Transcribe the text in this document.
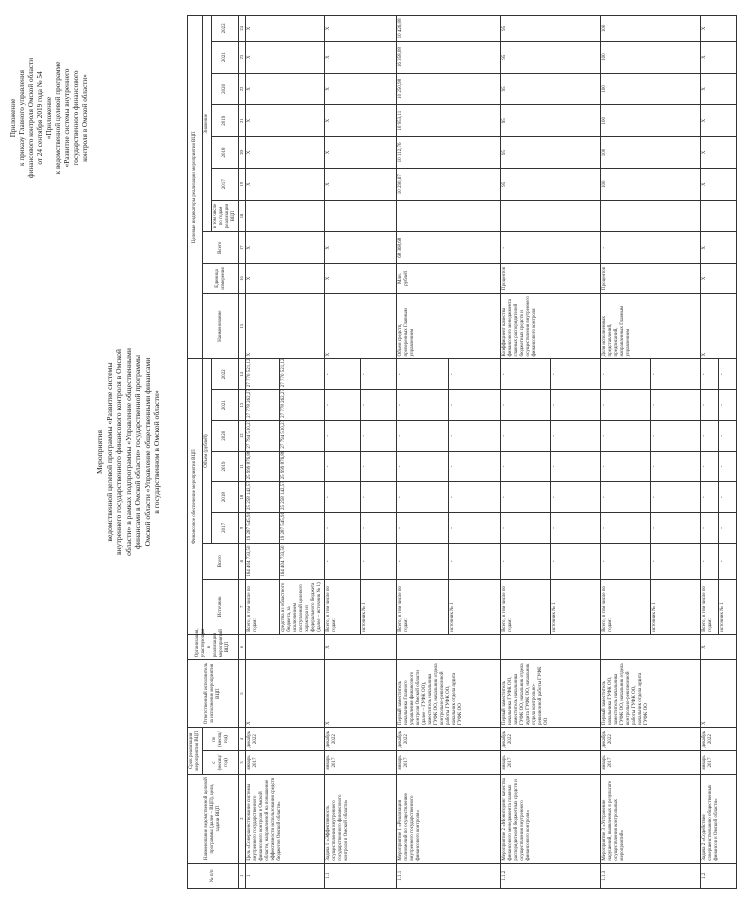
Приложение к приказу Главного управления финансового контроля Омской области от 24 сентября 2019 года № 54 «Приложение к ведомственной целевой программе «Развитие системы внутреннего государственного финансового контроля в Омской области»
Мероприятия ведомственной целевой программы «Развитие системы внутреннего государственного финансового контроля в Омской области» в рамках подпрограммы «Управление общественными финансами в Омской области» государственной программы Омской области «Управление общественными финансами в государственном в Омской области»
№ п/п	Наименование ведомственной целевой программы (далее – ВЦП), цели, задачи ВЦП	Срок реализации мероприятия ВЦП		Ответственный исполнитель за исполнение мероприятия ВЦП	Организация, участвующая в реализации мероприятий ВЦП	Финансовое обеспечение мероприятия ВЦП								Целевые индикаторы реализации мероприятия ВЦП									
		с (месяц/год)	по (месяц/год)			Источник	Всего	Объем (рублей)						Наименование	Единица измерения	Всего	Значение						
								2017	2018	2019	2020	2021	2022				в том числе по годам реализации ВЦП	2017	2018	2019	2020	2021	2022
1	2	3	4	5	6	7	8	9	10	11	12	13	14	15	16	17	18	19	20	21	22	23	24
1	Цель «Совершенствование системы внутреннего государственного финансового контроля в Омской области, направленной на повышение эффективности использования средств бюджетов Омской области»	январь 2017	декабрь 2022	Х		Всего, в том числе по годам:	164 404 733,50	19 287 545,91	25 258 142,57	25 999 876,88	27 794 510,27	27 778 262,27	27 770 521,12	Х	Х	Х		Х	Х	Х	Х	Х	Х
						средства из областного бюджета, за исключением поступлений целевого характера из федерального бюджета (далее – источник № 1)	164 404 733,50	19 287 545,91	25 258 142,57	25 999 876,88	27 794 510,27	27 778 262,27	27 770 521,12										
1.1	Задача 1 «Эффективность осуществления внутреннего государственного финансового контроля в Омской области»	январь 2017	декабрь 2022	Х	Х	Всего, в том числе по годам:	-	-	-	-	-	-	-	Х	Х	Х		Х	Х	Х	Х	Х	Х
						источник № 1	-	-	-	-	-	-	-										
1.1.1	Мероприятие 1 «Реализация полномочий по осуществлению внутреннего государственного финансового контроля»	январь 2017	декабрь 2022	Первый заместитель начальника Главного управления финансового контроля Омской области (далее – ГУФК ОО), заместитель начальника ГУФК ОО, начальник отдела контрольно-ревизионной работы ГУФК ОО, начальник отдела аудита ГУФК ОО		Всего, в том числе по годам:	-	-	-	-	-	-	-	Объем средств, проверенных Главным управлением	Млн. рублей	68 368,68		10 290,67	10 112,76	10 953,11	10 250,98	16 358,08	10 426,08
						источник № 1	-	-	-	-	-	-	-										
1.1.2	Мероприятие 2 «Мониторинг качества финансового менеджмента главных распорядителей бюджетных средств и осуществления внутреннего финансового контроля»	январь 2017	декабрь 2022	Первый заместитель начальника ГУФК ОО, заместитель начальника ГУФК ОО, начальник отдела аудита ГУФК ОО, начальник отдела контрольно-ревизионной работы ГУФК ОО		Всего, в том числе по годам:	-	-	-	-	-	-	-	Коэффициент качества финансового менеджмента главных распорядителей бюджетных средств и осуществления внутреннего финансового контроля	Процентов	-		95	95	95	95	95	95
						источник № 1	-	-	-	-	-	-	-										
1.1.3	Мероприятие 3 «Устранение нарушений, выявленных в результате осуществления контрольных мероприятий»	январь 2017	декабрь 2022	Первый заместитель начальника ГУФК ОО, заместитель начальника ГУФК ОО, начальник отдела контрольно-ревизионной работы ГУФК ОО, начальник отдела аудита ГУФК ОО		Всего, в том числе по годам:	-	-	-	-	-	-	-	Доля исполненных представлений, предписаний, направленных Главным управлением	Процентов	-		100	100	100	100	100	100
						источник № 1	-	-	-	-	-	-	-										
1.2	Задача 2 «Содействие совершенствованию общественных финансов в Омской области»	январь 2017	декабрь 2022	Х	Х	Всего, в том числе по годам:	-	-	-	-	-	-	-	Х	Х	Х		Х	Х	Х	Х	Х	Х
						источник № 1	-	-	-	-	-	-	-										
